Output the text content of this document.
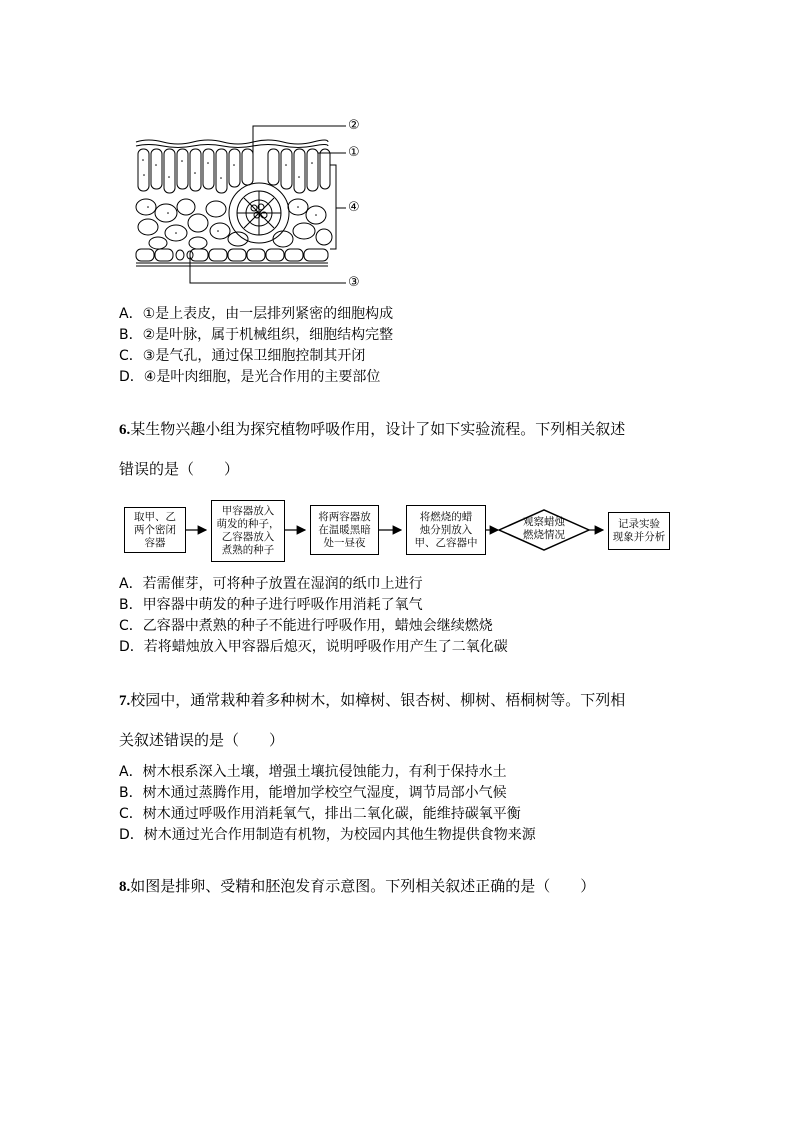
②
①
④
③
A．①是上表皮，由一层排列紧密的细胞构成
B．②是叶脉，属于机械组织，细胞结构完整
C．③是气孔，通过保卫细胞控制其开闭
D．④是叶肉细胞，是光合作用的主要部位
6.某生物兴趣小组为探究植物呼吸作用，设计了如下实验流程。下列相关叙述
错误的是（　　）
取甲、乙
两个密闭
容器
甲容器放入
萌发的种子，
乙容器放入
煮熟的种子
将两容器放
在温暖黑暗
处一昼夜
将燃烧的蜡
烛分别放入
甲、乙容器中
观察蜡烛
燃烧情况
记录实验
现象并分析
A．若需催芽，可将种子放置在湿润的纸巾上进行
B．甲容器中萌发的种子进行呼吸作用消耗了氧气
C．乙容器中煮熟的种子不能进行呼吸作用，蜡烛会继续燃烧
D．若将蜡烛放入甲容器后熄灭，说明呼吸作用产生了二氧化碳
7.校园中，通常栽种着多种树木，如樟树、银杏树、柳树、梧桐树等。下列相
关叙述错误的是（　　）
A．树木根系深入土壤，增强土壤抗侵蚀能力，有利于保持水土
B．树木通过蒸腾作用，能增加学校空气湿度，调节局部小气候
C．树木通过呼吸作用消耗氧气，排出二氧化碳，能维持碳氧平衡
D．树木通过光合作用制造有机物，为校园内其他生物提供食物来源
8.如图是排卵、受精和胚泡发育示意图。下列相关叙述正确的是（　　）
